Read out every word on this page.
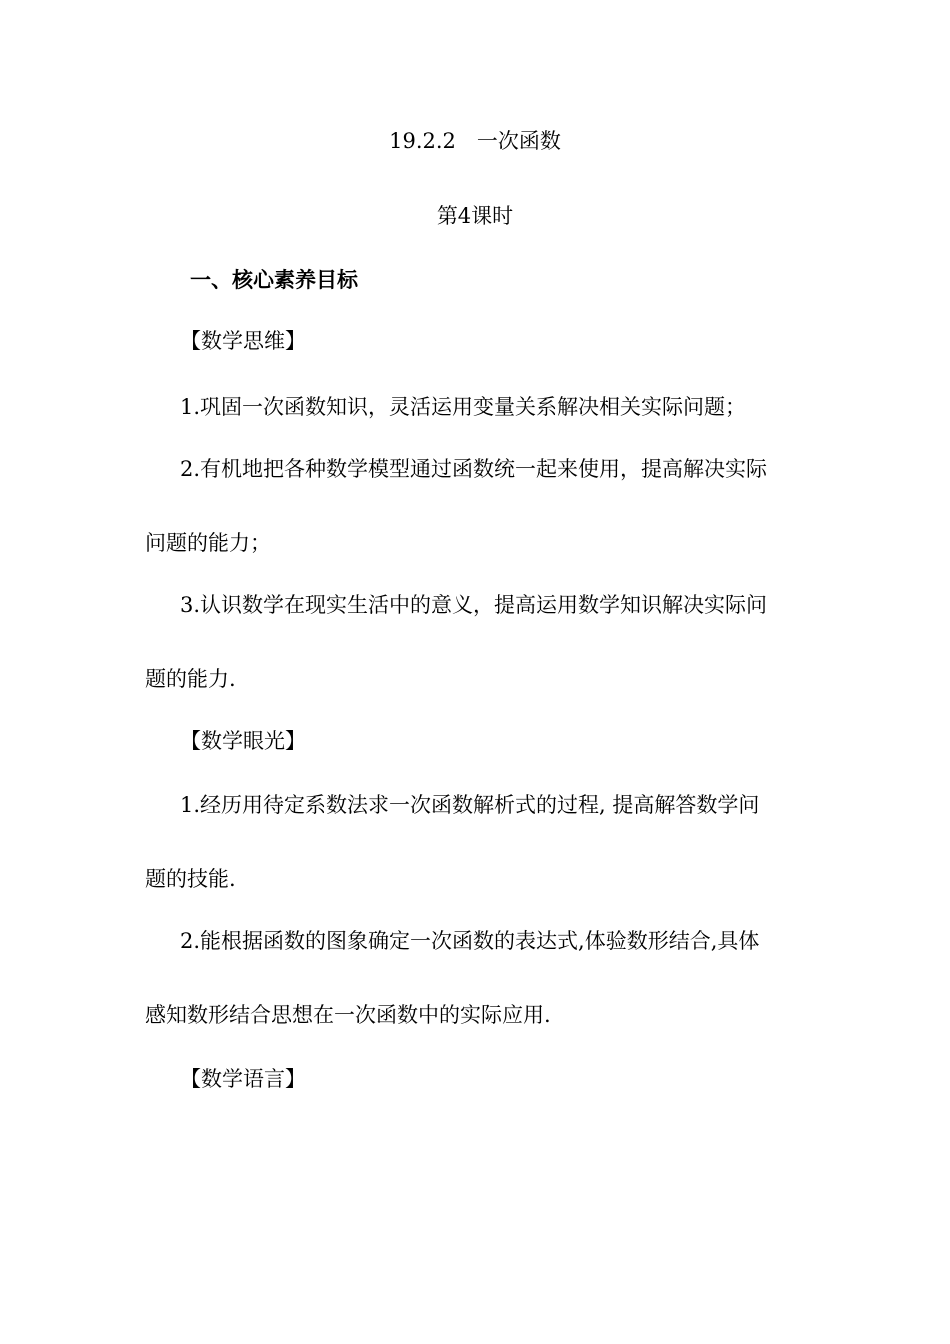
19.2.2　一次函数
第4课时
一、核心素养目标
【数学思维】
1.巩固一次函数知识，灵活运用变量关系解决相关实际问题；
2.有机地把各种数学模型通过函数统一起来使用，提高解决实际
问题的能力；
3.认识数学在现实生活中的意义，提高运用数学知识解决实际问
题的能力.
【数学眼光】
1.经历用待定系数法求一次函数解析式的过程, 提高解答数学问
题的技能.
2.能根据函数的图象确定一次函数的表达式,体验数形结合,具体
感知数形结合思想在一次函数中的实际应用.
【数学语言】
